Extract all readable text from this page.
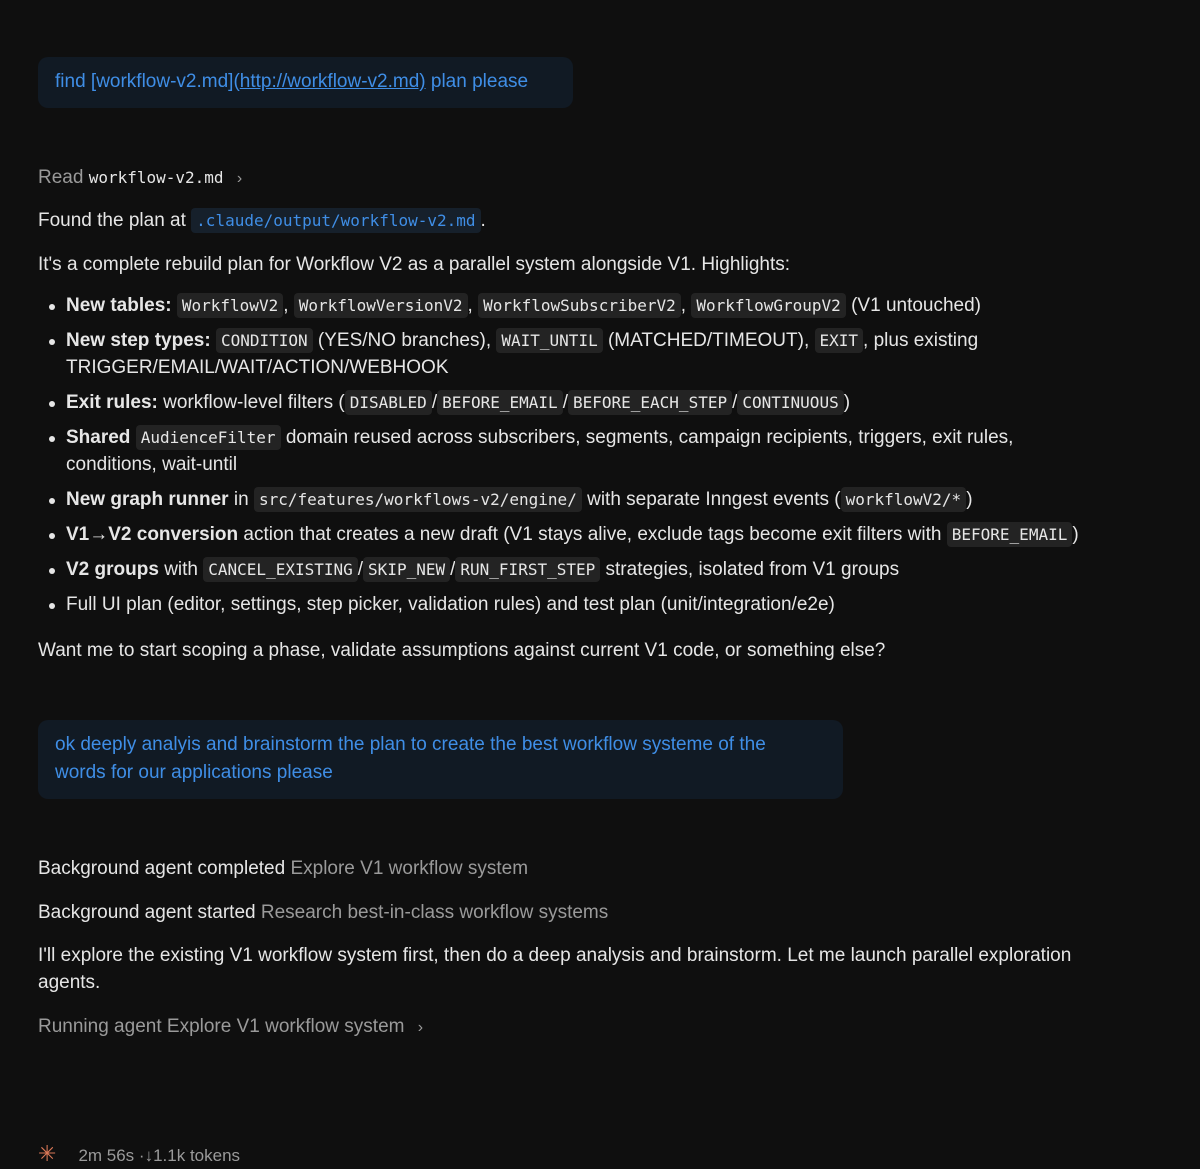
find [workflow-v2.md](http://workflow-v2.md) plan please
Read workflow-v2.md ›
Found the plan at .claude/output/workflow-v2.md .
It's a complete rebuild plan for Workflow V2 as a parallel system alongside V1. Highlights:
New tables: WorkflowV2 , WorkflowVersionV2 , WorkflowSubscriberV2 , WorkflowGroupV2 (V1 untouched)
New step types: CONDITION (YES/NO branches), WAIT_UNTIL (MATCHED/TIMEOUT), EXIT , plus existing
TRIGGER/EMAIL/WAIT/ACTION/WEBHOOK
Exit rules: workflow-level filters ( DISABLED / BEFORE_EMAIL / BEFORE_EACH_STEP / CONTINUOUS )
Shared AudienceFilter domain reused across subscribers, segments, campaign recipients, triggers, exit rules,
conditions, wait-until
New graph runner in src/features/workflows-v2/engine/ with separate Inngest events ( workflowV2/* )
V1→V2 conversion action that creates a new draft (V1 stays alive, exclude tags become exit filters with BEFORE_EMAIL )
V2 groups with CANCEL_EXISTING / SKIP_NEW / RUN_FIRST_STEP strategies, isolated from V1 groups
Full UI plan (editor, settings, step picker, validation rules) and test plan (unit/integration/e2e)
Want me to start scoping a phase, validate assumptions against current V1 code, or something else?
ok deeply analyis and brainstorm the plan to create the best workflow systeme of the
words for our applications please
Background agent completed Explore V1 workflow system
Background agent started Research best-in-class workflow systems
I'll explore the existing V1 workflow system first, then do a deep analysis and brainstorm. Let me launch parallel exploration
agents.
Running agent Explore V1 workflow system ›
✳ 2m 56s ·↓1.1k tokens
